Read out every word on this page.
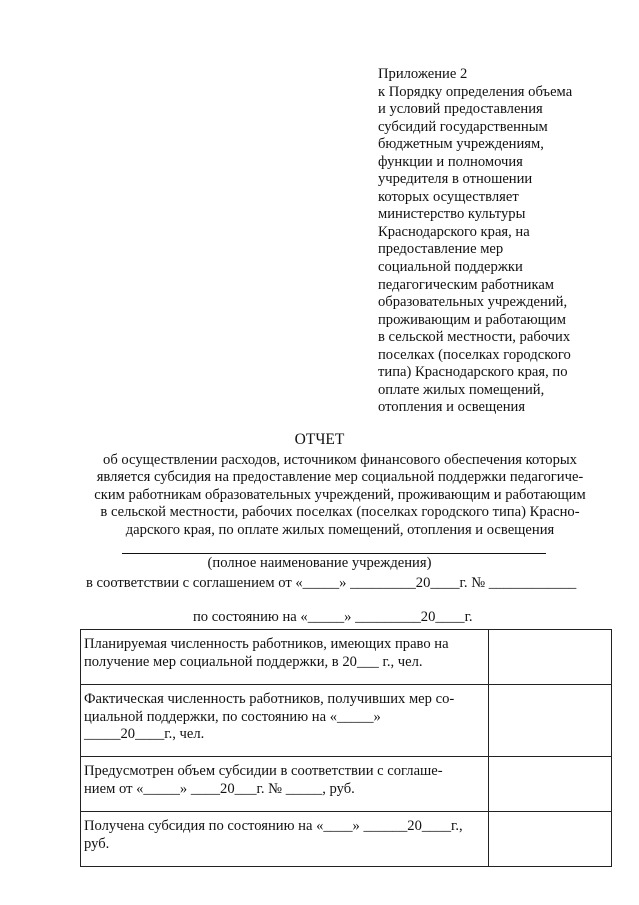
Приложение 2
к Порядку определения объема
и условий предоставления
субсидий государственным
бюджетным учреждениям,
функции и полномочия
учредителя в отношении
которых осуществляет
министерство культуры
Краснодарского края, на
предоставление мер
социальной поддержки
педагогическим работникам
образовательных учреждений,
проживающим и работающим
в сельской местности, рабочих
поселках (поселках городского
типа) Краснодарского края, по
оплате жилых помещений,
отопления и освещения
ОТЧЕТ
об осуществлении расходов, источником финансового обеспечения которых
является субсидия на предоставление мер социальной поддержки педагогиче-
ским работникам образовательных учреждений, проживающим и работающим
в сельской местности, рабочих поселках (поселках городского типа) Красно-
дарского края, по оплате жилых помещений, отопления и освещения
(полное наименование учреждения)
в соответствии с соглашением от «_____» _________20____г. № ____________
по состоянию на «_____» _________20____г.
Планируемая численность работников, имеющих право на
получение мер социальной поддержки, в 20___ г., чел.	

Фактическая численность работников, получивших мер со-
циальной поддержки, по состоянию на «_____»
_____20____г., чел.	

Предусмотрен объем субсидии в соответствии с соглаше-
нием от «_____» ____20___г. № _____, руб.	

Получена субсидия по состоянию на «____» ______20____г.,
руб.	
